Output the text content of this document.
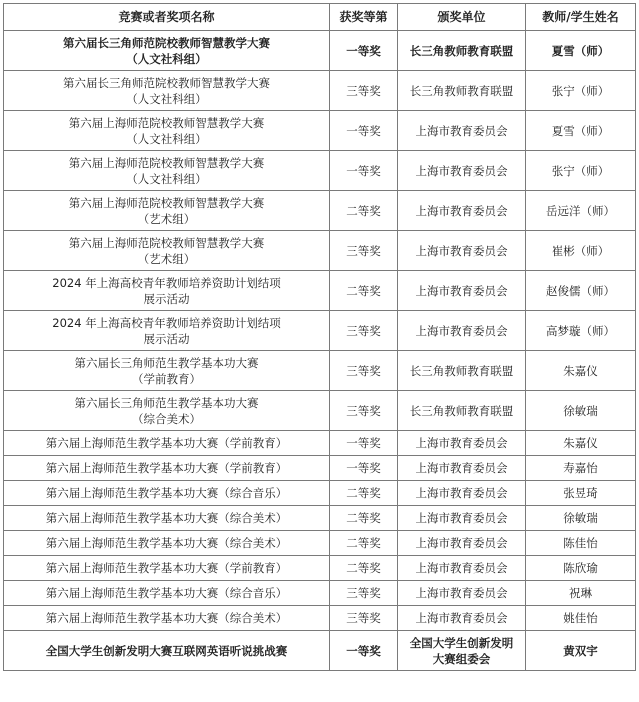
竞赛或者奖项名称	获奖等第	颁奖单位	教师/学生姓名

第六届长三角师范院校教师智慧教学大赛
（人文社科组）	一等奖	长三角教师教育联盟	夏雪（师）

第六届长三角师范院校教师智慧教学大赛
（人文社科组）	三等奖	长三角教师教育联盟	张宁（师）

第六届上海师范院校教师智慧教学大赛
（人文社科组）	一等奖	上海市教育委员会	夏雪（师）

第六届上海师范院校教师智慧教学大赛
（人文社科组）	一等奖	上海市教育委员会	张宁（师）

第六届上海师范院校教师智慧教学大赛
（艺术组）	二等奖	上海市教育委员会	岳远洋（师）

第六届上海师范院校教师智慧教学大赛
（艺术组）	三等奖	上海市教育委员会	崔彬（师）

2024 年上海高校青年教师培养资助计划结项
展示活动	二等奖	上海市教育委员会	赵俊儒（师）

2024 年上海高校青年教师培养资助计划结项
展示活动	三等奖	上海市教育委员会	高梦璇（师）

第六届长三角师范生教学基本功大赛
（学前教育）	三等奖	长三角教师教育联盟	朱嘉仪

第六届长三角师范生教学基本功大赛
（综合美术）	三等奖	长三角教师教育联盟	徐敏瑞

第六届上海师范生教学基本功大赛（学前教育）	一等奖	上海市教育委员会	朱嘉仪

第六届上海师范生教学基本功大赛（学前教育）	一等奖	上海市教育委员会	寿嘉怡

第六届上海师范生教学基本功大赛（综合音乐）	二等奖	上海市教育委员会	张昱琦

第六届上海师范生教学基本功大赛（综合美术）	二等奖	上海市教育委员会	徐敏瑞

第六届上海师范生教学基本功大赛（综合美术）	二等奖	上海市教育委员会	陈佳怡

第六届上海师范生教学基本功大赛（学前教育）	二等奖	上海市教育委员会	陈欣瑜

第六届上海师范生教学基本功大赛（综合音乐）	三等奖	上海市教育委员会	祝琳

第六届上海师范生教学基本功大赛（综合美术）	三等奖	上海市教育委员会	姚佳怡

全国大学生创新发明大赛互联网英语听说挑战赛	一等奖	全国大学生创新发明
大赛组委会	黄双宇
